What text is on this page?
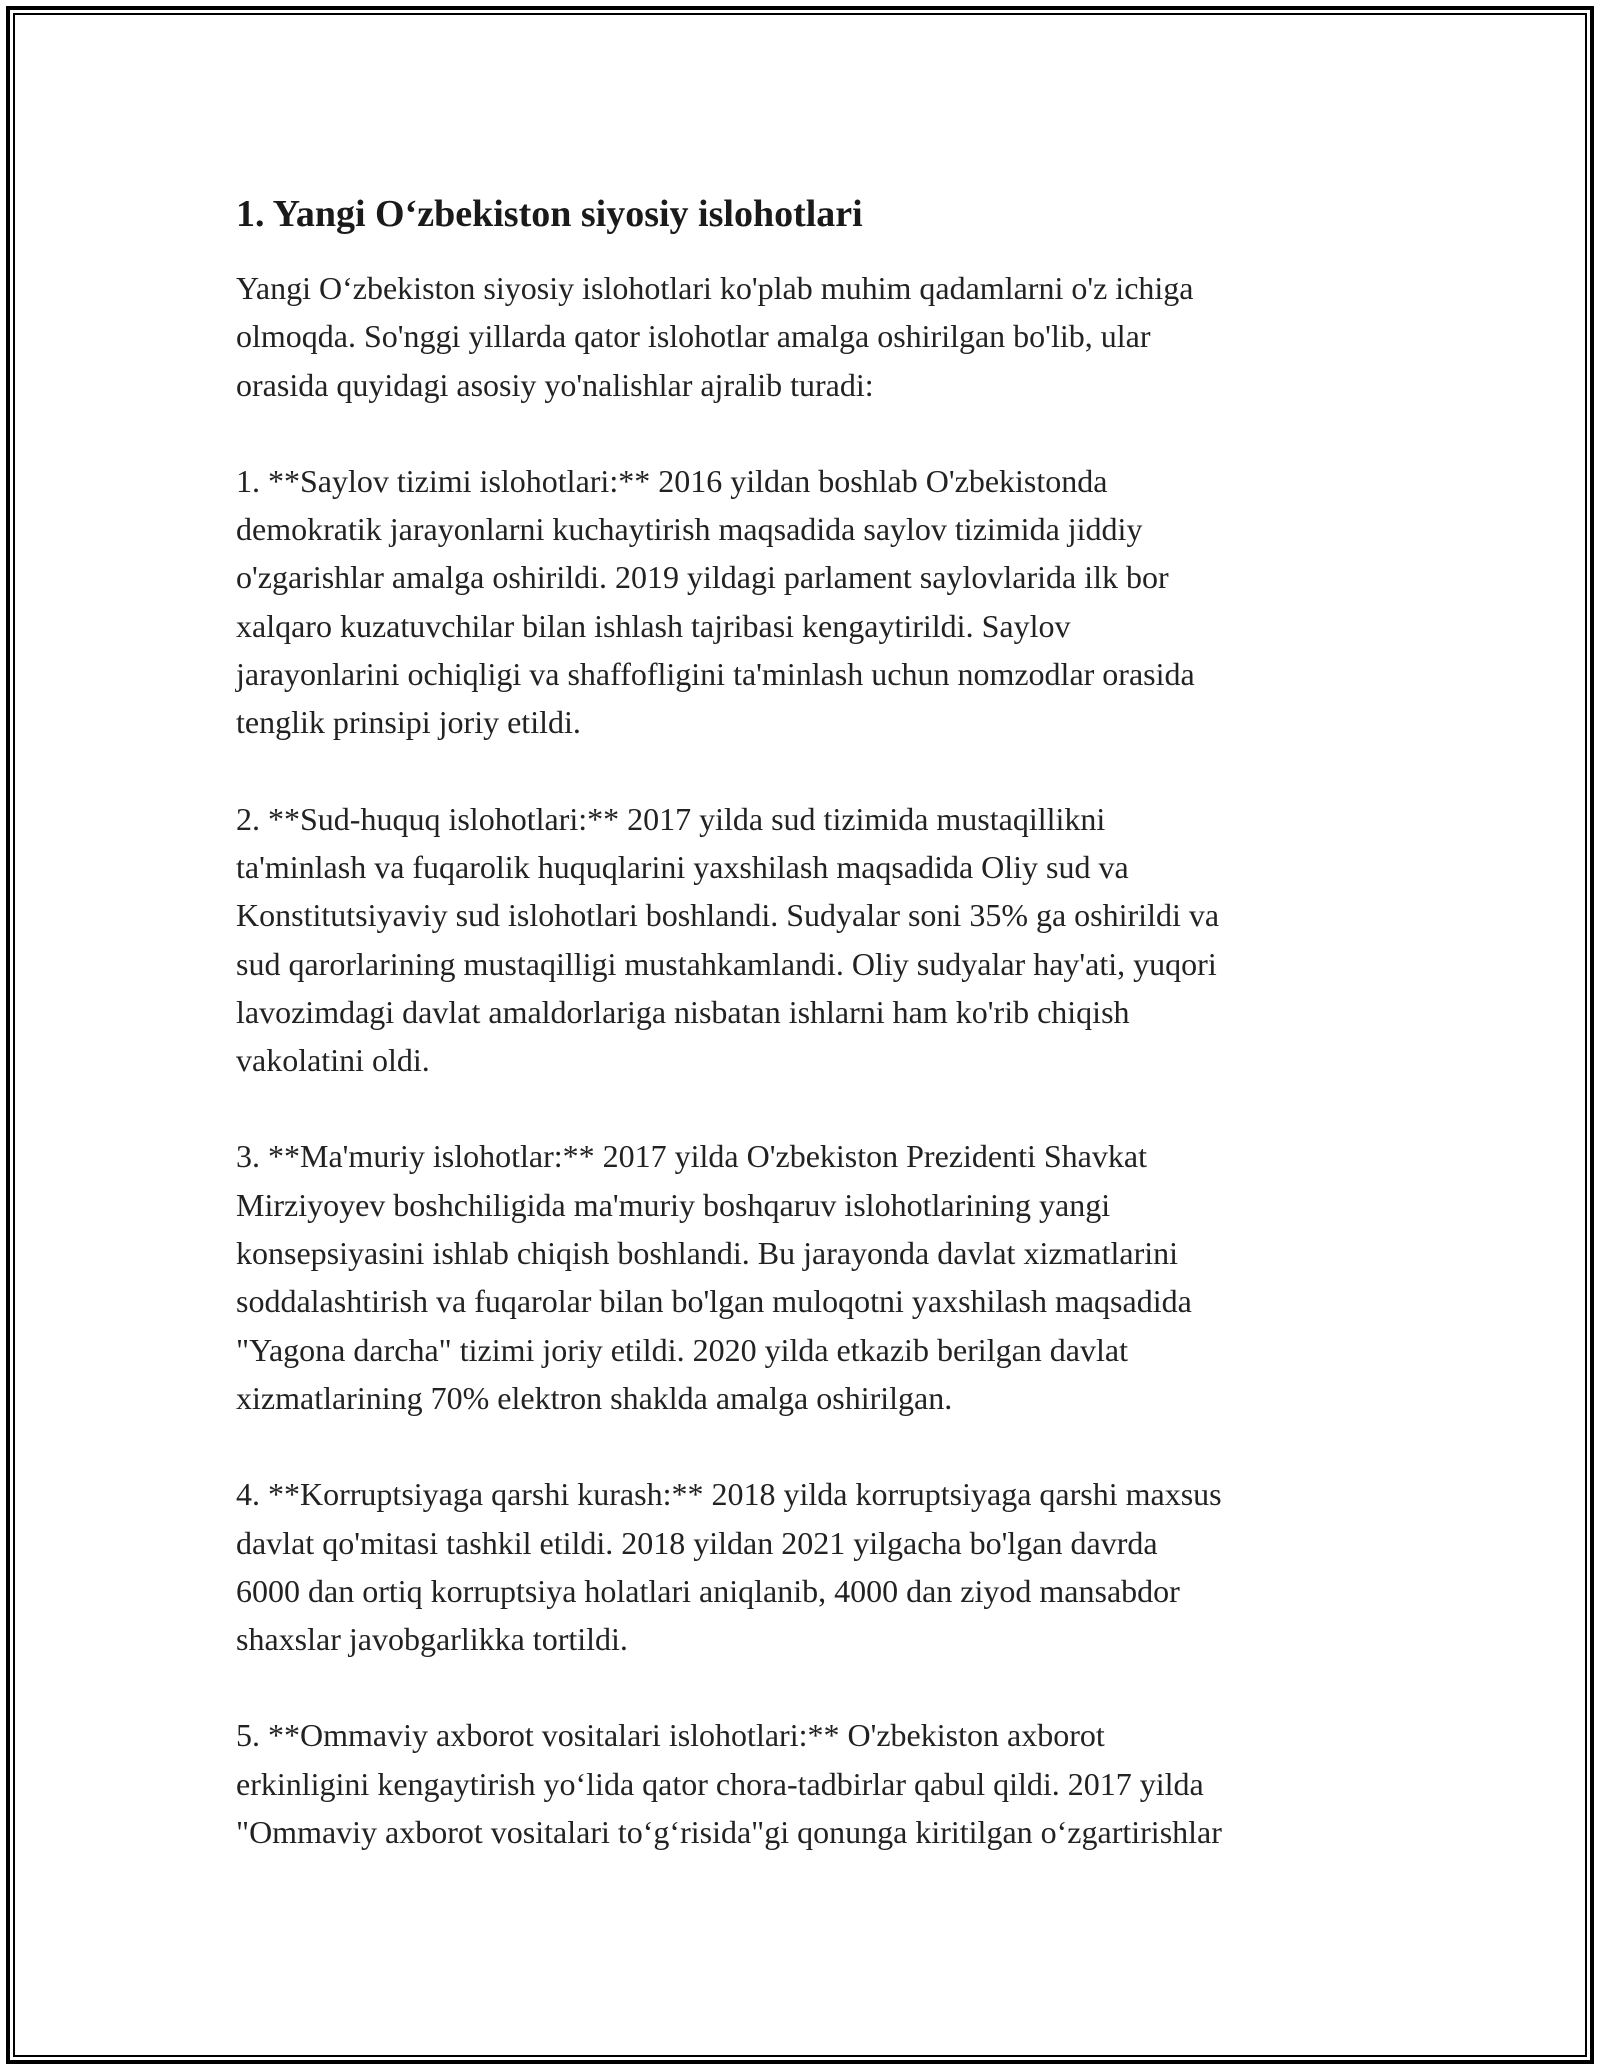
1. Yangi O‘zbekiston siyosiy islohotlari

Yangi O‘zbekiston siyosiy islohotlari ko'plab muhim qadamlarni o'z ichiga
olmoqda. So'nggi yillarda qator islohotlar amalga oshirilgan bo'lib, ular
orasida quyidagi asosiy yo'nalishlar ajralib turadi:

1. **Saylov tizimi islohotlari:** 2016 yildan boshlab O'zbekistonda
demokratik jarayonlarni kuchaytirish maqsadida saylov tizimida jiddiy
o'zgarishlar amalga oshirildi. 2019 yildagi parlament saylovlarida ilk bor
xalqaro kuzatuvchilar bilan ishlash tajribasi kengaytirildi. Saylov
jarayonlarini ochiqligi va shaffofligini ta'minlash uchun nomzodlar orasida
tenglik prinsipi joriy etildi.

2. **Sud-huquq islohotlari:** 2017 yilda sud tizimida mustaqillikni
ta'minlash va fuqarolik huquqlarini yaxshilash maqsadida Oliy sud va
Konstitutsiyaviy sud islohotlari boshlandi. Sudyalar soni 35% ga oshirildi va
sud qarorlarining mustaqilligi mustahkamlandi. Oliy sudyalar hay'ati, yuqori
lavozimdagi davlat amaldorlariga nisbatan ishlarni ham ko'rib chiqish
vakolatini oldi.

3. **Ma'muriy islohotlar:** 2017 yilda O'zbekiston Prezidenti Shavkat
Mirziyoyev boshchiligida ma'muriy boshqaruv islohotlarining yangi
konsepsiyasini ishlab chiqish boshlandi. Bu jarayonda davlat xizmatlarini
soddalashtirish va fuqarolar bilan bo'lgan muloqotni yaxshilash maqsadida
"Yagona darcha" tizimi joriy etildi. 2020 yilda etkazib berilgan davlat
xizmatlarining 70% elektron shaklda amalga oshirilgan.

4. **Korruptsiyaga qarshi kurash:** 2018 yilda korruptsiyaga qarshi maxsus
davlat qo'mitasi tashkil etildi. 2018 yildan 2021 yilgacha bo'lgan davrda
6000 dan ortiq korruptsiya holatlari aniqlanib, 4000 dan ziyod mansabdor
shaxslar javobgarlikka tortildi.

5. **Ommaviy axborot vositalari islohotlari:** O'zbekiston axborot
erkinligini kengaytirish yo‘lida qator chora-tadbirlar qabul qildi. 2017 yilda
"Ommaviy axborot vositalari to‘g‘risida"gi qonunga kiritilgan o‘zgartirishlar
